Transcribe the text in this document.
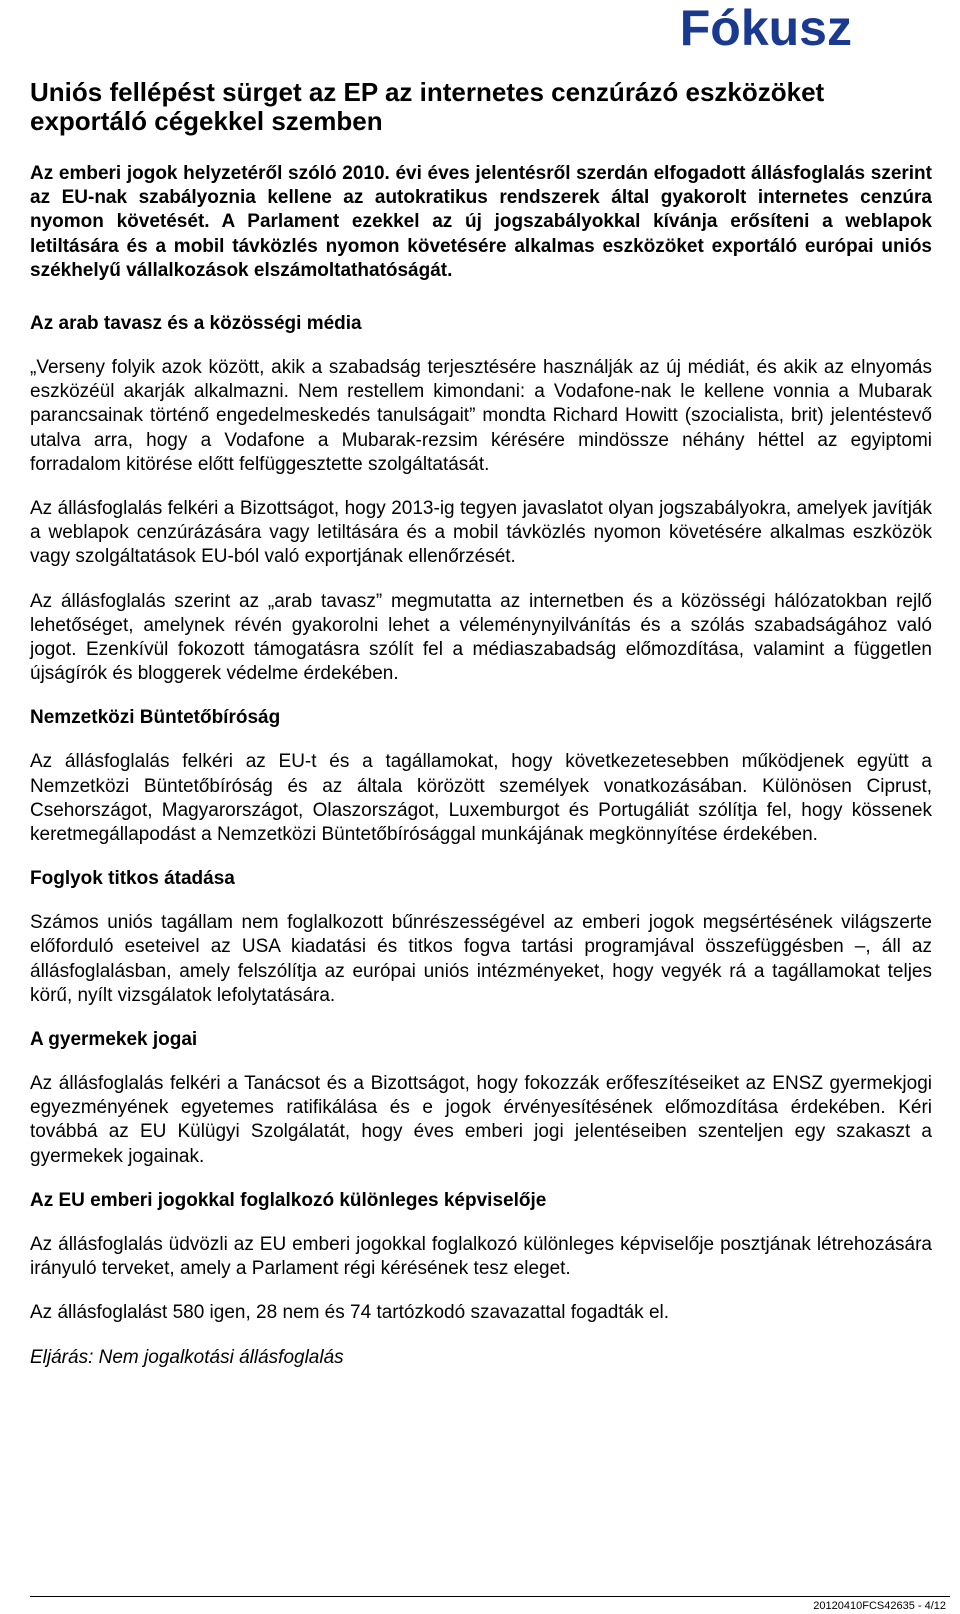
Fókusz
Uniós fellépést sürget az EP az internetes cenzúrázó eszközöket exportáló cégekkel szemben

Az emberi jogok helyzetéről szóló 2010. évi éves jelentésről szerdán elfogadott állásfoglalás szerint az EU-nak szabályoznia kellene az autokratikus rendszerek által gyakorolt internetes cenzúra nyomon követését. A Parlament ezekkel az új jogszabályokkal kívánja erősíteni a weblapok letiltására és a mobil távközlés nyomon követésére alkalmas eszközöket exportáló európai uniós székhelyű vállalkozások elszámoltathatóságát.

Az arab tavasz és a közösségi média

„Verseny folyik azok között, akik a szabadság terjesztésére használják az új médiát, és akik az elnyomás eszközéül akarják alkalmazni. Nem restellem kimondani: a Vodafone-nak le kellene vonnia a Mubarak parancsainak történő engedelmeskedés tanulságait” mondta Richard Howitt (szocialista, brit) jelentéstevő utalva arra, hogy a Vodafone a Mubarak-rezsim kérésére mindössze néhány héttel az egyiptomi forradalom kitörése előtt felfüggesztette szolgáltatását.

Az állásfoglalás felkéri a Bizottságot, hogy 2013-ig tegyen javaslatot olyan jogszabályokra, amelyek javítják a weblapok cenzúrázására vagy letiltására és a mobil távközlés nyomon követésére alkalmas eszközök vagy szolgáltatások EU-ból való exportjának ellenőrzését.

Az állásfoglalás szerint az „arab tavasz” megmutatta az internetben és a közösségi hálózatokban rejlő lehetőséget, amelynek révén gyakorolni lehet a véleménynyilvánítás és a szólás szabadságához való jogot. Ezenkívül fokozott támogatásra szólít fel a médiaszabadság előmozdítása, valamint a független újságírók és bloggerek védelme érdekében.

Nemzetközi Büntetőbíróság

Az állásfoglalás felkéri az EU-t és a tagállamokat, hogy következetesebben működjenek együtt a Nemzetközi Büntetőbíróság és az általa körözött személyek vonatkozásában. Különösen Ciprust, Csehországot, Magyarországot, Olaszországot, Luxemburgot és Portugáliát szólítja fel, hogy kössenek keretmegállapodást a Nemzetközi Büntetőbírósággal munkájának megkönnyítése érdekében.

Foglyok titkos átadása

Számos uniós tagállam nem foglalkozott bűnrészességével az emberi jogok megsértésének világszerte előforduló eseteivel az USA kiadatási és titkos fogva tartási programjával összefüggésben –, áll az állásfoglalásban, amely felszólítja az európai uniós intézményeket, hogy vegyék rá a tagállamokat teljes körű, nyílt vizsgálatok lefolytatására.

A gyermekek jogai

Az állásfoglalás felkéri a Tanácsot és a Bizottságot, hogy fokozzák erőfeszítéseiket az ENSZ gyermekjogi egyezményének egyetemes ratifikálása és e jogok érvényesítésének előmozdítása érdekében. Kéri továbbá az EU Külügyi Szolgálatát, hogy éves emberi jogi jelentéseiben szenteljen egy szakaszt a gyermekek jogainak.

Az EU emberi jogokkal foglalkozó különleges képviselője

Az állásfoglalás üdvözli az EU emberi jogokkal foglalkozó különleges képviselője posztjának létrehozására irányuló terveket, amely a Parlament régi kérésének tesz eleget.

Az állásfoglalást 580 igen, 28 nem és 74 tartózkodó szavazattal fogadták el.

Eljárás: Nem jogalkotási állásfoglalás

20120410FCS42635 - 4/12
